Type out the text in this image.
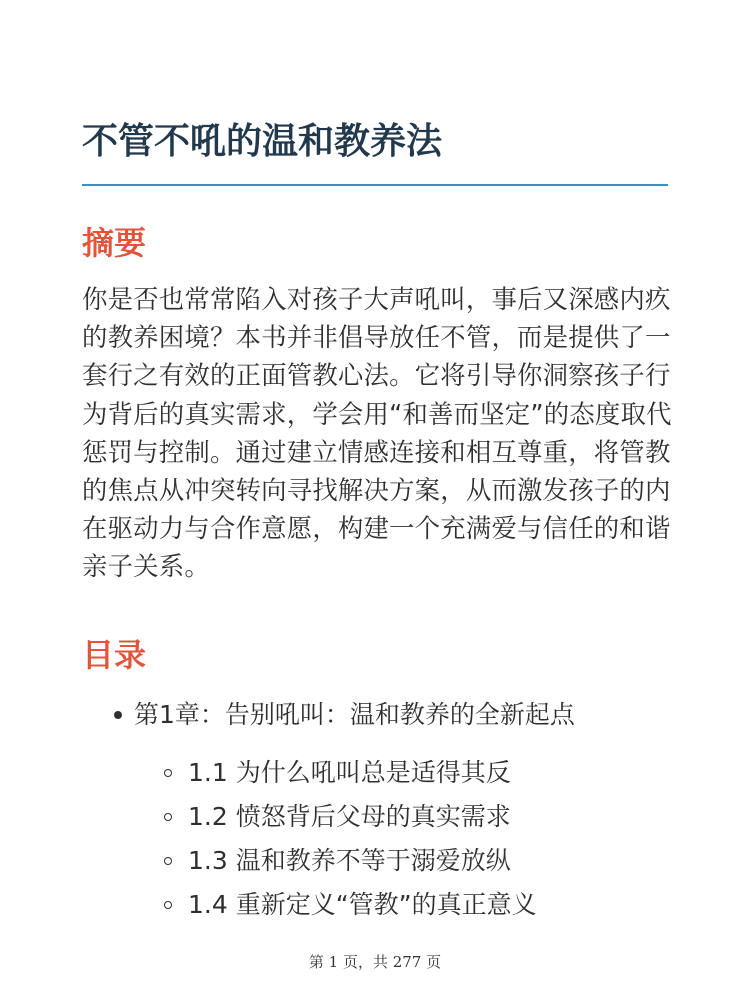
不管不吼的温和教养法
摘要

你是否也常常陷入对孩子大声吼叫，事后又深感内疚的教养困境？本书并非倡导放任不管，而是提供了一套行之有效的正面管教心法。它将引导你洞察孩子行为背后的真实需求，学会用“和善而坚定”的态度取代惩罚与控制。通过建立情感连接和相互尊重，将管教的焦点从冲突转向寻找解决方案，从而激发孩子的内在驱动力与合作意愿，构建一个充满爱与信任的和谐亲子关系。

目录
第1章：告别吼叫：温和教养的全新起点
1.1 为什么吼叫总是适得其反
1.2 愤怒背后父母的真实需求
1.3 温和教养不等于溺爱放纵
1.4 重新定义“管教”的真正意义
第 1 页，共 277 页
